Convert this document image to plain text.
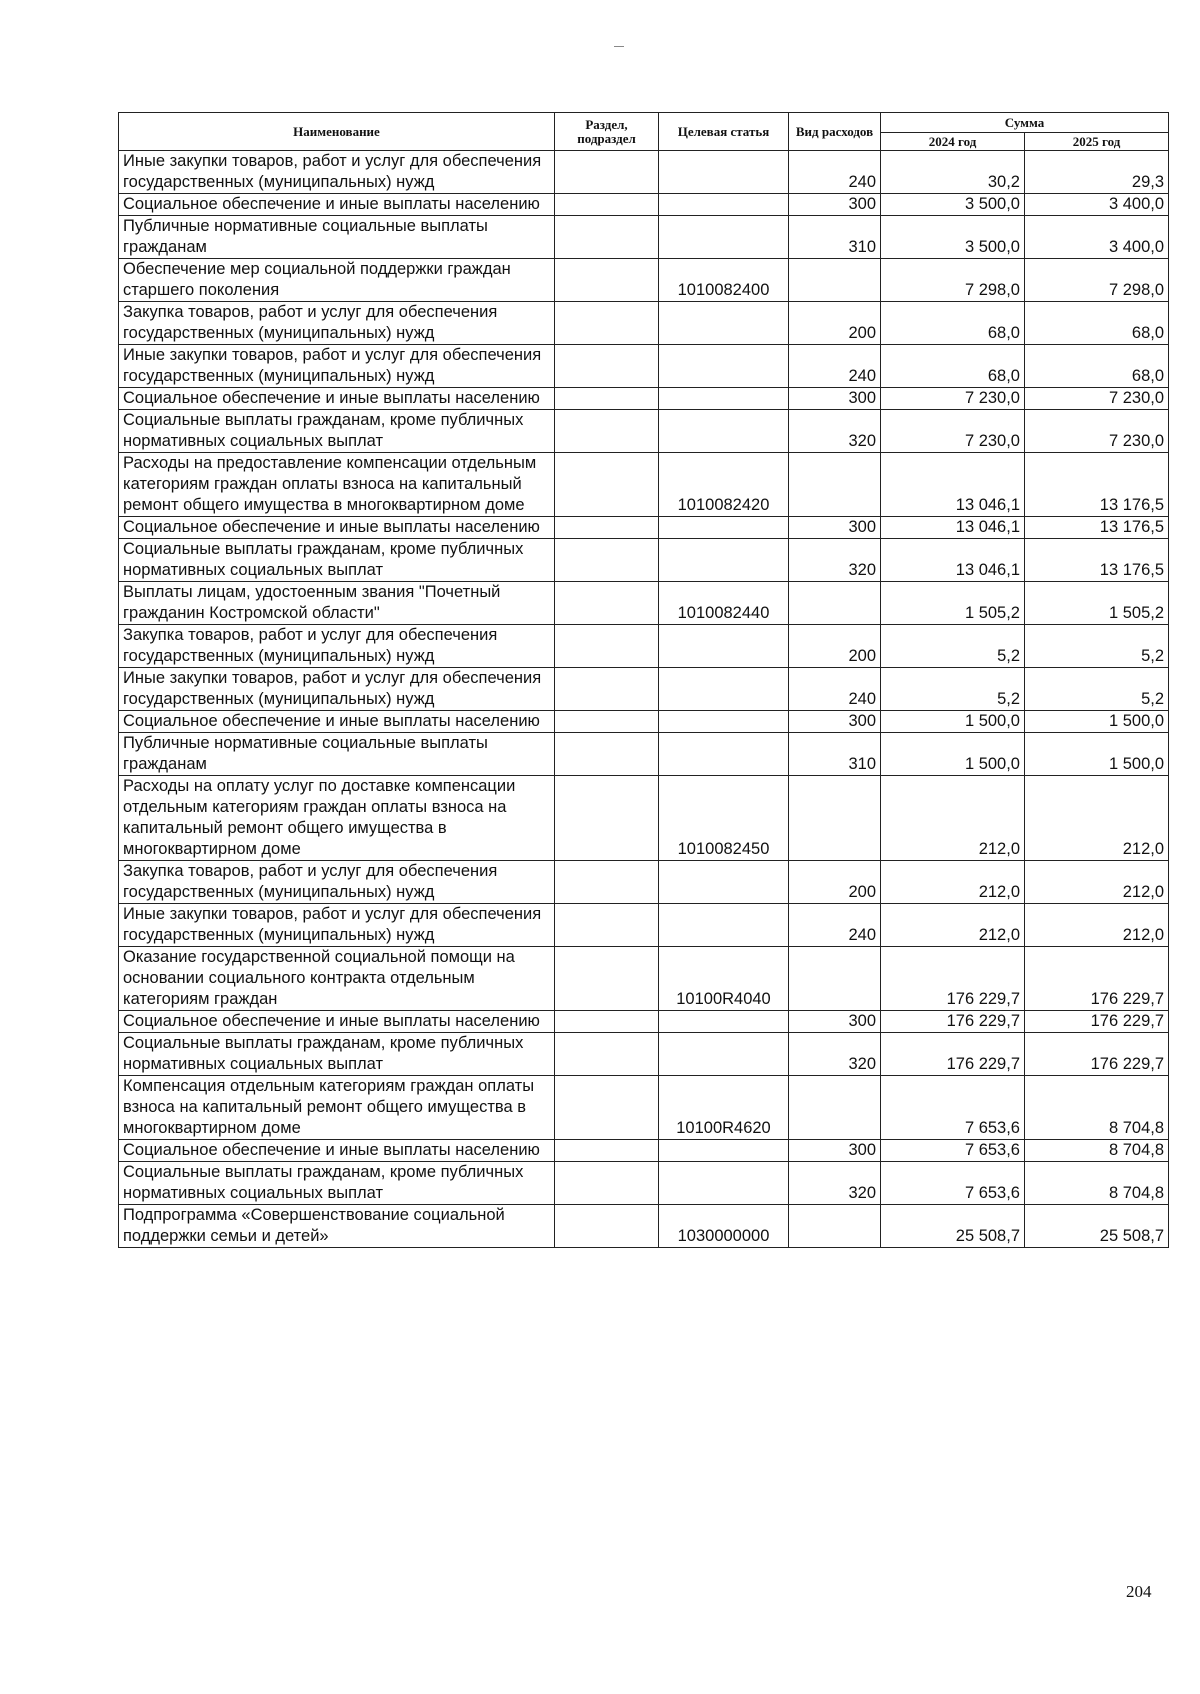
Наименование	Раздел, подраздел	Целевая статья	Вид расходов	Сумма	
				2024 год	2025 год
Иные закупки товаров, работ и услуг для обеспечения государственных (муниципальных) нужд			240	30,2	29,3
Социальное обеспечение и иные выплаты населению			300	3 500,0	3 400,0
Публичные нормативные социальные выплаты гражданам			310	3 500,0	3 400,0
Обеспечение мер социальной поддержки граждан старшего поколения		1010082400		7 298,0	7 298,0
Закупка товаров, работ и услуг для обеспечения государственных (муниципальных) нужд			200	68,0	68,0
Иные закупки товаров, работ и услуг для обеспечения государственных (муниципальных) нужд			240	68,0	68,0
Социальное обеспечение и иные выплаты населению			300	7 230,0	7 230,0
Социальные выплаты гражданам, кроме публичных нормативных социальных выплат			320	7 230,0	7 230,0
Расходы на предоставление компенсации отдельным категориям граждан оплаты взноса на капитальный ремонт общего имущества в многоквартирном доме		1010082420		13 046,1	13 176,5
Социальное обеспечение и иные выплаты населению			300	13 046,1	13 176,5
Социальные выплаты гражданам, кроме публичных нормативных социальных выплат			320	13 046,1	13 176,5
Выплаты лицам, удостоенным звания "Почетный гражданин Костромской области"		1010082440		1 505,2	1 505,2
Закупка товаров, работ и услуг для обеспечения государственных (муниципальных) нужд			200	5,2	5,2
Иные закупки товаров, работ и услуг для обеспечения государственных (муниципальных) нужд			240	5,2	5,2
Социальное обеспечение и иные выплаты населению			300	1 500,0	1 500,0
Публичные нормативные социальные выплаты гражданам			310	1 500,0	1 500,0
Расходы на оплату услуг по доставке компенсации отдельным категориям граждан оплаты взноса на капитальный ремонт общего имущества в многоквартирном доме		1010082450		212,0	212,0
Закупка товаров, работ и услуг для обеспечения государственных (муниципальных) нужд			200	212,0	212,0
Иные закупки товаров, работ и услуг для обеспечения государственных (муниципальных) нужд			240	212,0	212,0
Оказание государственной социальной помощи на основании социального контракта отдельным категориям граждан		10100R4040		176 229,7	176 229,7
Социальное обеспечение и иные выплаты населению			300	176 229,7	176 229,7
Социальные выплаты гражданам, кроме публичных нормативных социальных выплат			320	176 229,7	176 229,7
Компенсация отдельным категориям граждан оплаты взноса на капитальный ремонт общего имущества в многоквартирном доме		10100R4620		7 653,6	8 704,8
Социальное обеспечение и иные выплаты населению			300	7 653,6	8 704,8
Социальные выплаты гражданам, кроме публичных нормативных социальных выплат			320	7 653,6	8 704,8
Подпрограмма «Совершенствование социальной поддержки семьи и детей»		1030000000		25 508,7	25 508,7
204
